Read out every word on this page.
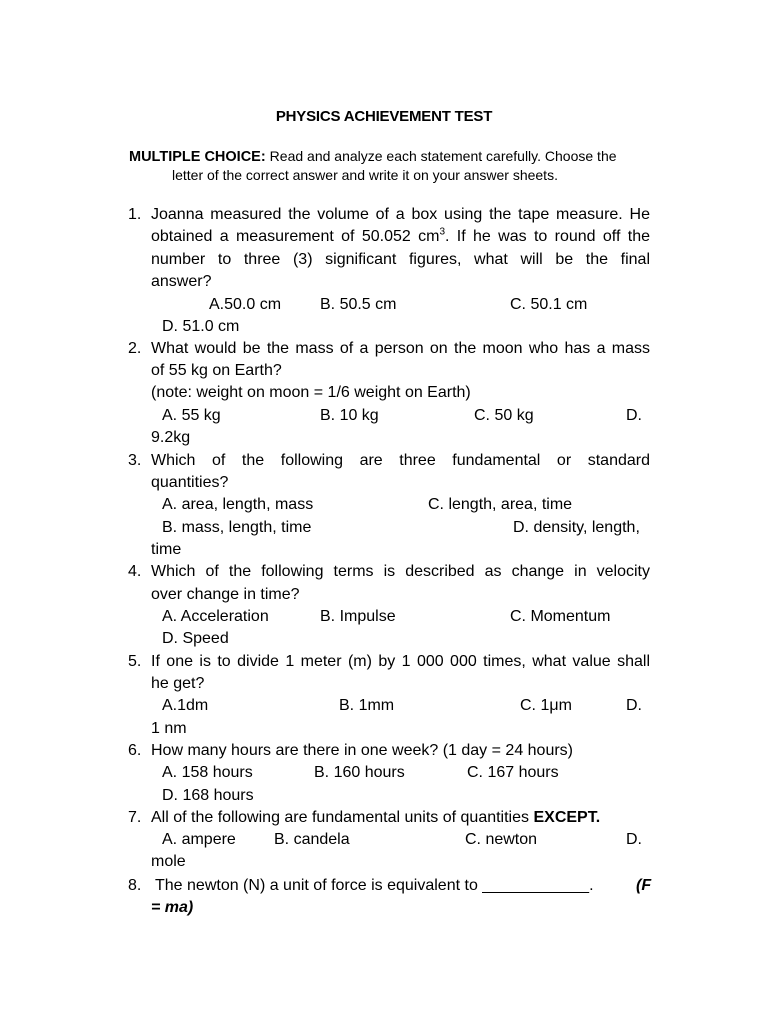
PHYSICS ACHIEVEMENT TEST
MULTIPLE CHOICE: Read and analyze each statement carefully. Choose the
letter of the correct answer and write it on your answer sheets.
1. Joanna measured the volume of a box using the tape measure. He
obtained a measurement of 50.052 $cm^3$. If he was to round off the
number to three (3) significant figures, what will be the final
answer?
A.50.0 cm B. 50.5 cm	C. 50.1 cm
D. 51.0 cm
2. What would be the mass of a person on the moon who has a mass
of 55 kg on Earth?
(note: weight on moon = 1/6 weight on Earth)
A. 55 kg	B. 10 kg	C. 50 kg	D.
9.2kg
3. Which of the following are three fundamental or standard
quantities?
A. area, length, mass	C. length, area, time
B. mass, length, time	D. density, length,
time
4. Which of the following terms is described as change in velocity
over change in time?
A. Acceleration	B. Impulse	C. Momentum
D. Speed
5. If one is to divide 1 meter (m) by 1 000 000 times, what value shall
he get?
A.1dm	B. 1mm	C. 1μm	D.
1 nm
6. How many hours are there in one week? (1 day = 24 hours)
A. 158 hours	B. 160 hours	C. 167 hours
D. 168 hours
7. All of the following are fundamental units of quantities EXCEPT.
A. ampere B. candela	C. newton	D.
mole
8. The newton (N) a unit of force is equivalent to ____________.	(F
= ma)
